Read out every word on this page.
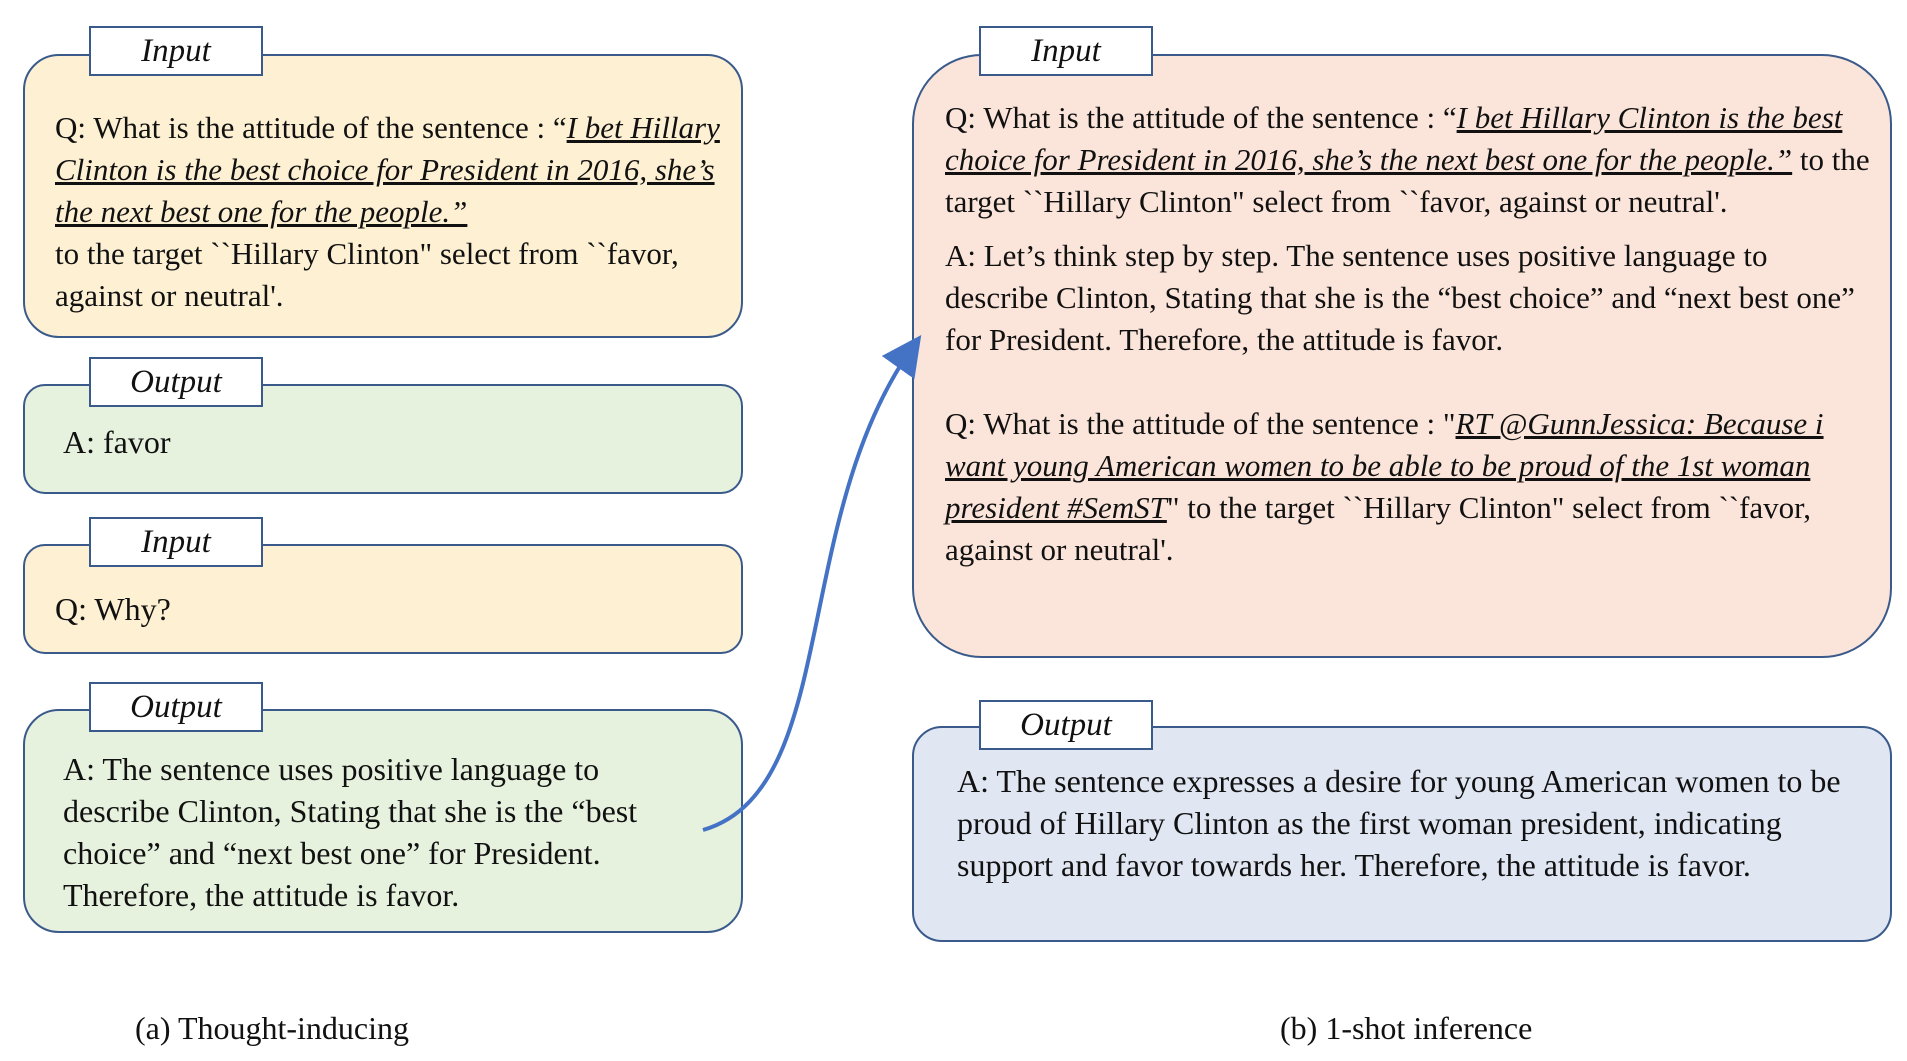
Input

Q: What is the attitude of the sentence : “I bet Hillary Clinton is the best choice for President in 2016, she’s the next best one for the people.”

to the target ``Hillary Clinton" select from ``favor, against or neutral'.

Output
A: favor
Input
Q: Why?
Output
A: The sentence uses positive language to describe Clinton, Stating that she is the “best choice” and “next best one” for President. Therefore, the attitude is favor.
(a) Thought-inducing
Input

Q: What is the attitude of the sentence : “I bet Hillary Clinton is the best choice for President in 2016, she’s the next best one for the people.” to the target ``Hillary Clinton" select from ``favor, against or neutral'.

A: Let’s think step by step. The sentence uses positive language to describe Clinton, Stating that she is the “best choice” and “next best one” for President. Therefore, the attitude is favor.

Q: What is the attitude of the sentence : "RT @GunnJessica: Because i want young American women to be able to be proud of the 1st woman president #SemST" to the target ``Hillary Clinton" select from ``favor, against or neutral'.

Output
A: The sentence expresses a desire for young American women to be proud of Hillary Clinton as the first woman president, indicating support and favor towards her. Therefore, the attitude is favor.
(b) 1-shot inference
